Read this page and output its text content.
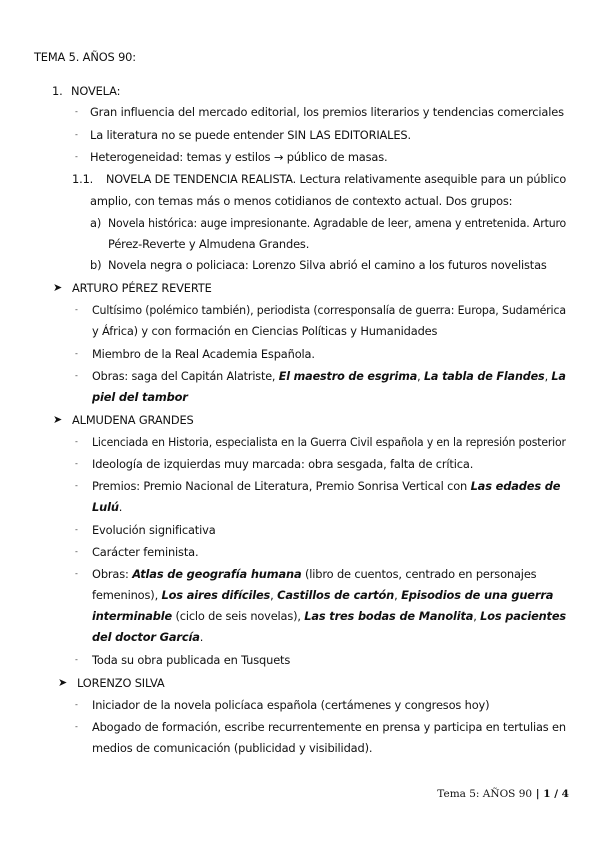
TEMA 5. AÑOS 90:
1. NOVELA:
- Gran influencia del mercado editorial, los premios literarios y tendencias comerciales
- La literatura no se puede entender SIN LAS EDITORIALES.
- Heterogeneidad: temas y estilos → público de masas.
1.1. NOVELA DE TENDENCIA REALISTA. Lectura relativamente asequible para un público
amplio, con temas más o menos cotidianos de contexto actual. Dos grupos:
a) Novela histórica: auge impresionante. Agradable de leer, amena y entretenida. Arturo
Pérez-Reverte y Almudena Grandes.
b) Novela negra o policiaca: Lorenzo Silva abrió el camino a los futuros novelistas
➤ ARTURO PÉREZ REVERTE
- Cultísimo (polémico también), periodista (corresponsalía de guerra: Europa, Sudamérica
y África) y con formación en Ciencias Políticas y Humanidades
- Miembro de la Real Academia Española.
- Obras: saga del Capitán Alatriste, El maestro de esgrima, La tabla de Flandes, La
piel del tambor
➤ ALMUDENA GRANDES
- Licenciada en Historia, especialista en la Guerra Civil española y en la represión posterior
- Ideología de izquierdas muy marcada: obra sesgada, falta de crítica.
- Premios: Premio Nacional de Literatura, Premio Sonrisa Vertical con Las edades de
Lulú.
- Evolución significativa
- Carácter feminista.
- Obras: Atlas de geografía humana (libro de cuentos, centrado en personajes
femeninos), Los aires difíciles, Castillos de cartón, Episodios de una guerra
interminable (ciclo de seis novelas), Las tres bodas de Manolita, Los pacientes
del doctor García.
- Toda su obra publicada en Tusquets
➤ LORENZO SILVA
- Iniciador de la novela policíaca española (certámenes y congresos hoy)
- Abogado de formación, escribe recurrentemente en prensa y participa en tertulias en
medios de comunicación (publicidad y visibilidad).
Tema 5: AÑOS 90 | 1 / 4
